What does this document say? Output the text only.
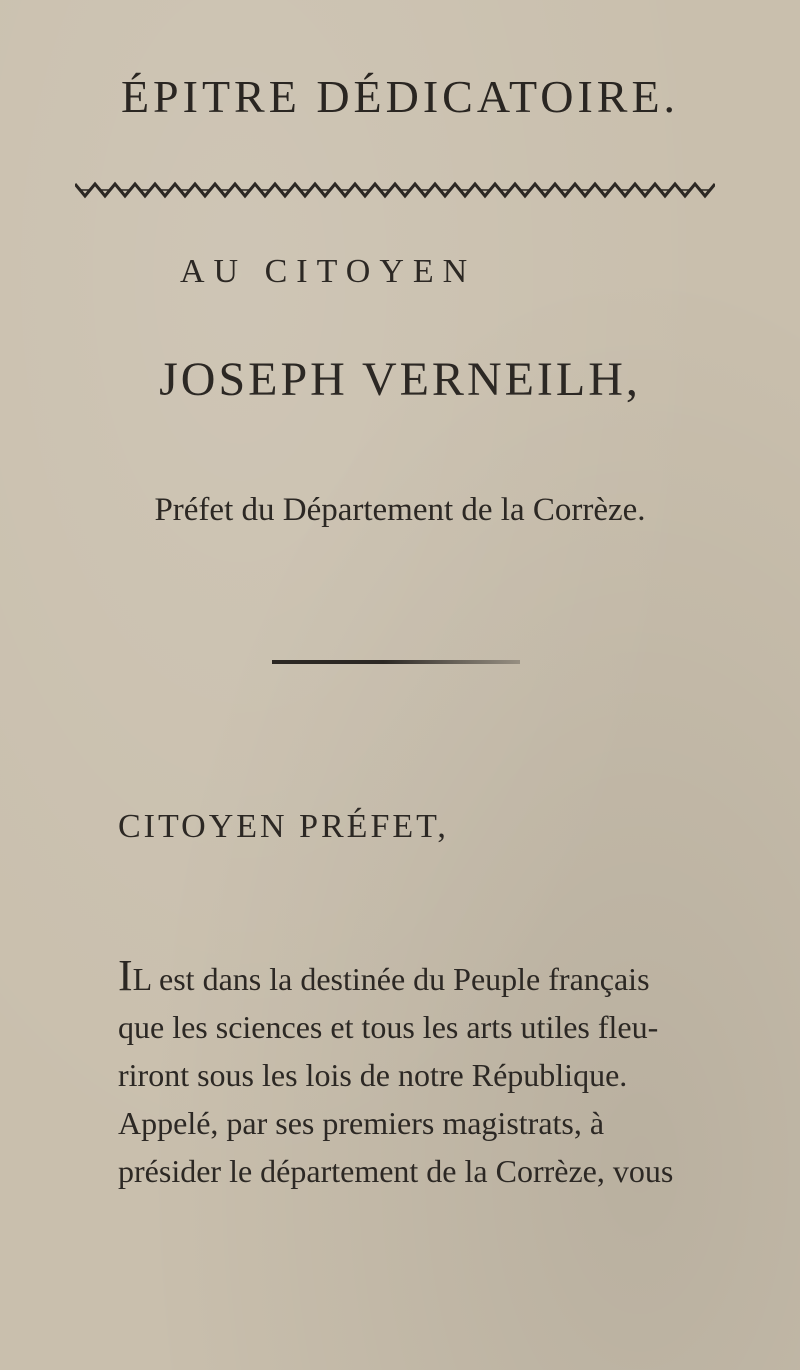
ÉPITRE DÉDICATOIRE.
AU CITOYEN
JOSEPH VERNEILH,

Préfet du Département de la Corrèze.

CITOYEN PRÉFET,
IL est dans la destinée du Peuple français
que les sciences et tous les arts utiles fleu-
riront sous les lois de notre République.
Appelé, par ses premiers magistrats, à
présider le département de la Corrèze, vous
